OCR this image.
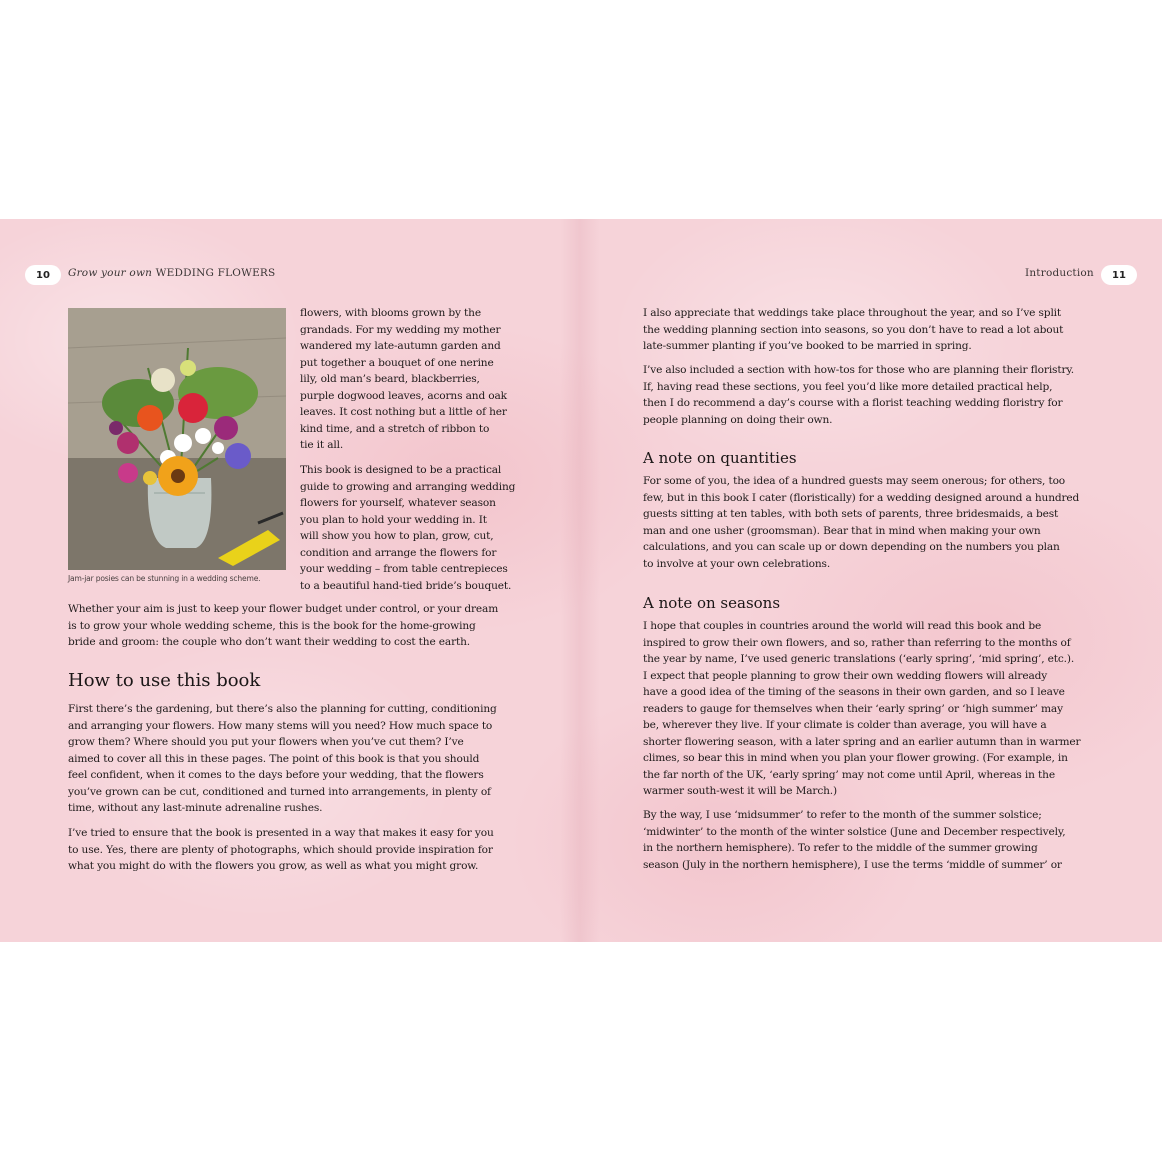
10	Grow your own WEDDING FLOWERS
Jam-jar posies can be stunning in a wedding scheme.

flowers, with blooms grown by the
grandads. For my wedding my mother
wandered my late-autumn garden and
put together a bouquet of one nerine
lily, old man’s beard, blackberries,
purple dogwood leaves, acorns and oak
leaves. It cost nothing but a little of her
kind time, and a stretch of ribbon to
tie it all.

This book is designed to be a practical
guide to growing and arranging wedding
flowers for yourself, whatever season
you plan to hold your wedding in. It
will show you how to plan, grow, cut,
condition and arrange the flowers for
your wedding – from table centrepieces
to a beautiful hand-tied bride’s bouquet.

Whether your aim is just to keep your flower budget under control, or your dream
is to grow your whole wedding scheme, this is the book for the home-growing
bride and groom: the couple who don’t want their wedding to cost the earth.

How to use this book

First there’s the gardening, but there’s also the planning for cutting, conditioning
and arranging your flowers. How many stems will you need? How much space to
grow them? Where should you put your flowers when you’ve cut them? I’ve
aimed to cover all this in these pages. The point of this book is that you should
feel confident, when it comes to the days before your wedding, that the flowers
you’ve grown can be cut, conditioned and turned into arrangements, in plenty of
time, without any last-minute adrenaline rushes.

I’ve tried to ensure that the book is presented in a way that makes it easy for you
to use. Yes, there are plenty of photographs, which should provide inspiration for
what you might do with the flowers you grow, as well as what you might grow.

Introduction	11

I also appreciate that weddings take place throughout the year, and so I’ve split
the wedding planning section into seasons, so you don’t have to read a lot about
late-summer planting if you’ve booked to be married in spring.

I’ve also included a section with how-tos for those who are planning their floristry.
If, having read these sections, you feel you’d like more detailed practical help,
then I do recommend a day’s course with a florist teaching wedding floristry for
people planning on doing their own.

A note on quantities

For some of you, the idea of a hundred guests may seem onerous; for others, too
few, but in this book I cater (floristically) for a wedding designed around a hundred
guests sitting at ten tables, with both sets of parents, three bridesmaids, a best
man and one usher (groomsman). Bear that in mind when making your own
calculations, and you can scale up or down depending on the numbers you plan
to involve at your own celebrations.

A note on seasons

I hope that couples in countries around the world will read this book and be
inspired to grow their own flowers, and so, rather than referring to the months of
the year by name, I’ve used generic translations (‘early spring’, ‘mid spring’, etc.).
I expect that people planning to grow their own wedding flowers will already
have a good idea of the timing of the seasons in their own garden, and so I leave
readers to gauge for themselves when their ‘early spring’ or ‘high summer’ may
be, wherever they live. If your climate is colder than average, you will have a
shorter flowering season, with a later spring and an earlier autumn than in warmer
climes, so bear this in mind when you plan your flower growing. (For example, in
the far north of the UK, ‘early spring’ may not come until April, whereas in the
warmer south-west it will be March.)

By the way, I use ‘midsummer’ to refer to the month of the summer solstice;
‘midwinter’ to the month of the winter solstice (June and December respectively,
in the northern hemisphere). To refer to the middle of the summer growing
season (July in the northern hemisphere), I use the terms ‘middle of summer’ or
